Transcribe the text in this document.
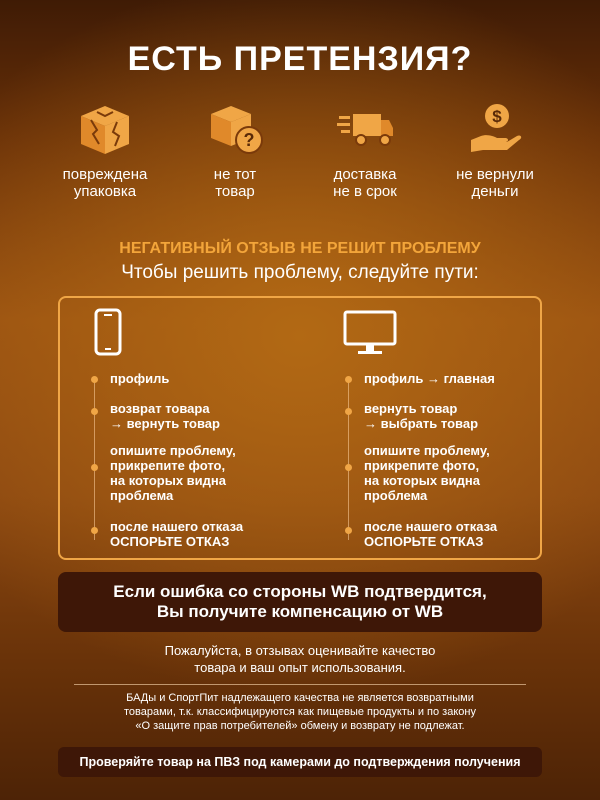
ЕСТЬ ПРЕТЕНЗИЯ?
повреждена
упаковка
?
не тот
товар
доставка
не в срок
$
не вернули
деньги
НЕГАТИВНЫЙ ОТЗЫВ НЕ РЕШИТ ПРОБЛЕМУ
Чтобы решить проблему, следуйте пути:
профиль
возврат товара
→ вернуть товар
опишите проблему,
прикрепите фото,
на которых видна
проблема
после нашего отказа
ОСПОРЬТЕ ОТКАЗ
профиль → главная
вернуть товар
→ выбрать товар
опишите проблему,
прикрепите фото,
на которых видна
проблема
после нашего отказа
ОСПОРЬТЕ ОТКАЗ
Если ошибка со стороны WB подтвердится,
Вы получите компенсацию от WB
Пожалуйста, в отзывах оценивайте качество
товара и ваш опыт использования.
БАДы и СпортПит надлежащего качества не является возвратными
товарами, т.к. классифицируются как пищевые продукты и по закону
«О защите прав потребителей» обмену и возврату не подлежат.
Проверяйте товар на ПВЗ под камерами до подтверждения получения
